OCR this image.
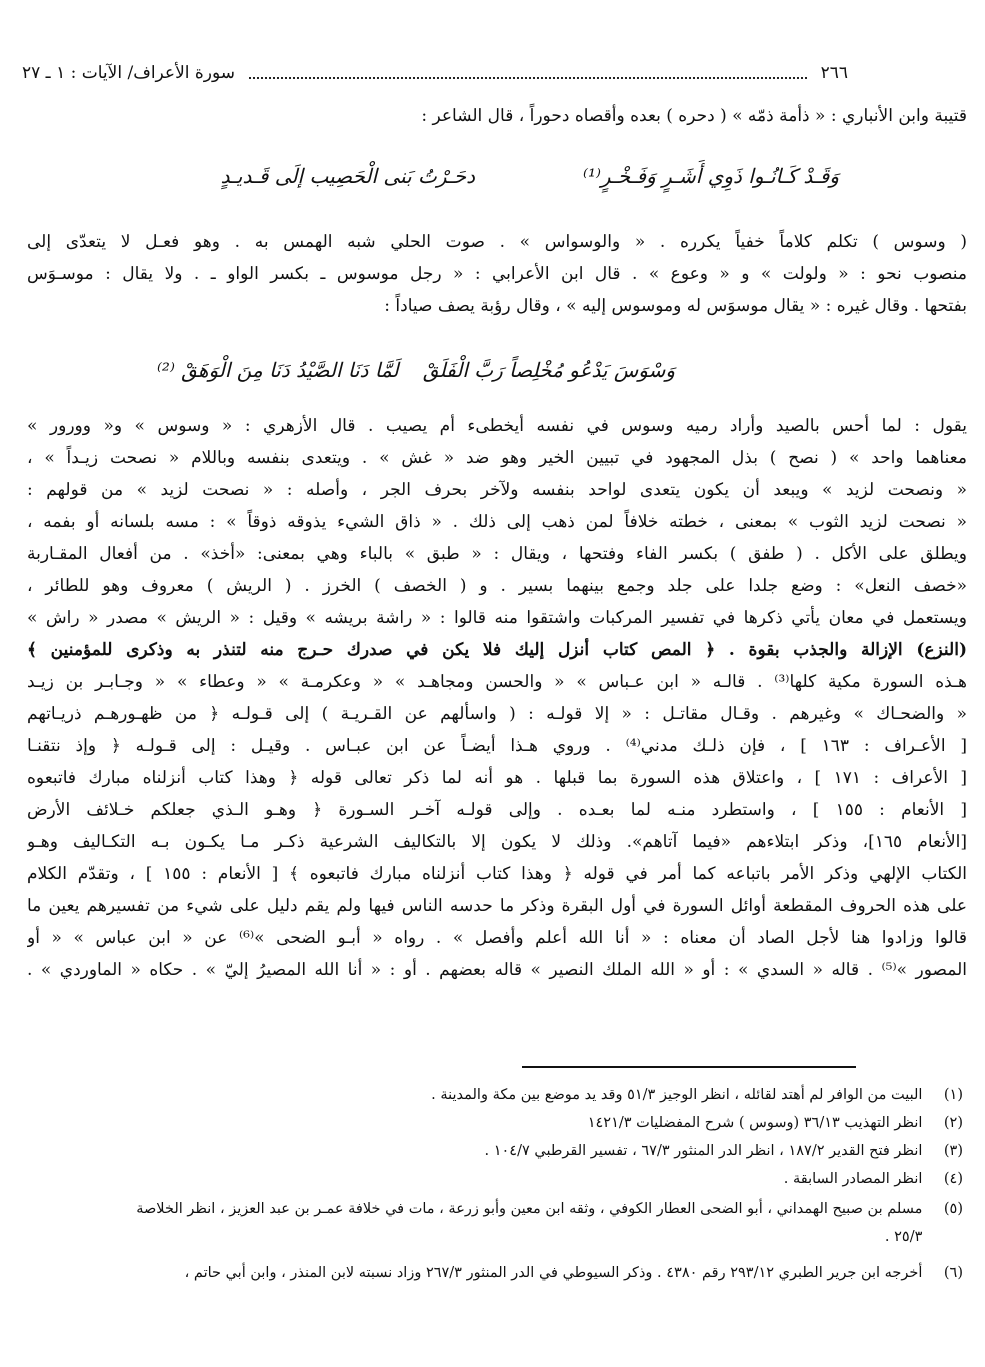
٢٦٦
سورة الأعراف/ الآيات : ١ ـ ٢٧
قتيبة وابن الأنباري : « ذأمة ذمّه » ( دحره ) بعده وأقصاه دحوراً ، قال الشاعر :
دحَـرْتُ بَنى الْحَصِيب إلَى قَـديـدٍ	وَقَـدْ كَـانُـوا ذَوِي أَشَـرٍ وَفَـخْـرٍ⁽¹⁾
( وسوس ) تكلم كلاماً خفياً يكرره . « والوسواس » . صوت الحلي شبه الهمس به . وهو فعـل لا يتعدّى إلى
منصوب نحو : « ولولت » و « وعوع » . قال ابن الأعرابي : « رجل موسوس ـ بكسر الواو ـ . ولا يقال : موسـوَس
بفتحها . وقال غيره : « يقال موسوَس له وموسوس إليه » ، وقال رؤبة يصف صياداً :
وَسْوَسَ يَدْعُو مُخْلِصاً رَبَّ الْفَلَقْ
لَمَّا دَنَا الصَّيْدُ دَنَا مِنَ الْوَهَقْ ⁽²⁾
يقول : لما أحس بالصيد وأراد رميه وسوس في نفسه أيخطىء أم يصيب . قال الأزهري : « وسوس » و« وورور »
معناهما واحد » ( نصح ) بذل المجهود في تبيين الخير وهو ضد « غش » . ويتعدى بنفسه وباللام « نصحت زيـداً » ،
« ونصحت لزيد » ويبعد أن يكون يتعدى لواحد بنفسه ولآخر بحرف الجر ، وأصله : « نصحت لزيد » من قولهم :
« نصحت لزيد الثوب » بمعنى ، خطته خلافاً لمن ذهب إلى ذلك . « ذاق الشيء يذوقه ذوقاً » : مسه بلسانه أو بفمه ،
ويطلق على الأكل . ( طفق ) بكسر الفاء وفتحها ، ويقال : « طبق » بالباء وهي بمعنى: «أخذ» . من أفعال المقـاربة
«خصف النعل» : وضع جلدا على جلد وجمع بينهما بسير . و ( الخصف ) الخرز . ( الريش ) معروف وهو للطائر ،
ويستعمل في معان يأتي ذكرها في تفسير المركبات واشتقوا منه قالوا : « راشة بريشه » وقيل : « الريش » مصدر « راش »
(النزع) الإزالة والجذب بقوة . ﴿ المص كتاب أنزل إليك فلا يكن في صدرك حـرج منه لتنذر به وذكرى للمؤمنين ﴾
هـذه السورة مكية كلها⁽³⁾ . قالـه « ابن عـباس » « والحسن ومجاهـد » « وعكرمـة » « وعطاء » « وجـابـر بن زيـد
« والضحـاك » وغيرهم . وقـال مقاتـل : « إلا قولـه : ( واسألهم عن القـريـة ) إلى قـولـه ﴿ من ظهـورهـم ذريـاتهم
[ الأعـراف : ١٦٣ ] ، فإن ذلـك مدني⁽⁴⁾ . وروي هـذا أيضـاً عن ابن عبـاس . وقيـل : إلى قـولـه ﴿ وإذ نتقنـا
[ الأعراف : ١٧١ ] ، واعتلاق هذه السورة بما قبلها . هو أنه لما ذكر تعالى قوله ﴿ وهذا كتاب أنزلناه مبارك فاتبعوه
[ الأنعام : ١٥٥ ] ، واستطرد منـه لما بعـده . وإلى قولـه آخـر السـورة ﴿ وهـو الـذي جعلكم خـلائف الأرض
[الأنعام ١٦٥]، وذكر ابتلاءهم «فيما آتاهم». وذلك لا يكون إلا بالتكاليف الشرعية ذكـر مـا يكـون بـه التكـاليف وهـو
الكتاب الإلهي وذكر الأمر باتباعه كما أمر في قوله ﴿ وهذا كتاب أنزلناه مبارك فاتبعوه ﴾ [ الأنعام : ١٥٥ ] ، وتقدّم الكلام
على هذه الحروف المقطعة أوائل السورة في أول البقرة وذكر ما حدسه الناس فيها ولم يقم دليل على شيء من تفسيرهم يعين ما
قالوا وزادوا هنا لأجل الصاد أن معناه : « أنا الله أعلم وأفصل » . رواه « أبـو الضحى »⁽⁶⁾ عن « ابن عباس » « أو
المصور »⁽⁵⁾ . قاله « السدي » : أو « الله الملك النصير » قاله بعضهم . أو : « أنا الله المصيرُ إليّ » . حكاه « الماوردي » .
(١) البيت من الوافر لم أهتد لقائله ، انظر الوجيز ٥١/٣ وقد يد موضع بين مكة والمدينة .
(٢) انظر التهذيب ٣٦/١٣ (وسوس ) شرح المفضليات ١٤٢١/٣
(٣) انظر فتح القدير ١٨٧/٢ ، انظر الدر المنثور ٦٧/٣ ، تفسير القرطبي ١٠٤/٧ .
(٤) انظر المصادر السابقة .
(٥) مسلم بن صبيح الهمداني ، أبو الضحى العطار الكوفي ، وثقه ابن معين وأبو زرعة ، مات في خلافة عمـر بن عبد العزيز ، انظر الخلاصة
٢٥/٣ .
(٦) أخرجه ابن جرير الطبري ٢٩٣/١٢ رقم ٤٣٨٠ . وذكر السيوطي في الدر المنثور ٢٦٧/٣ وزاد نسبته لابن المنذر ، وابن أبي حاتم ،
